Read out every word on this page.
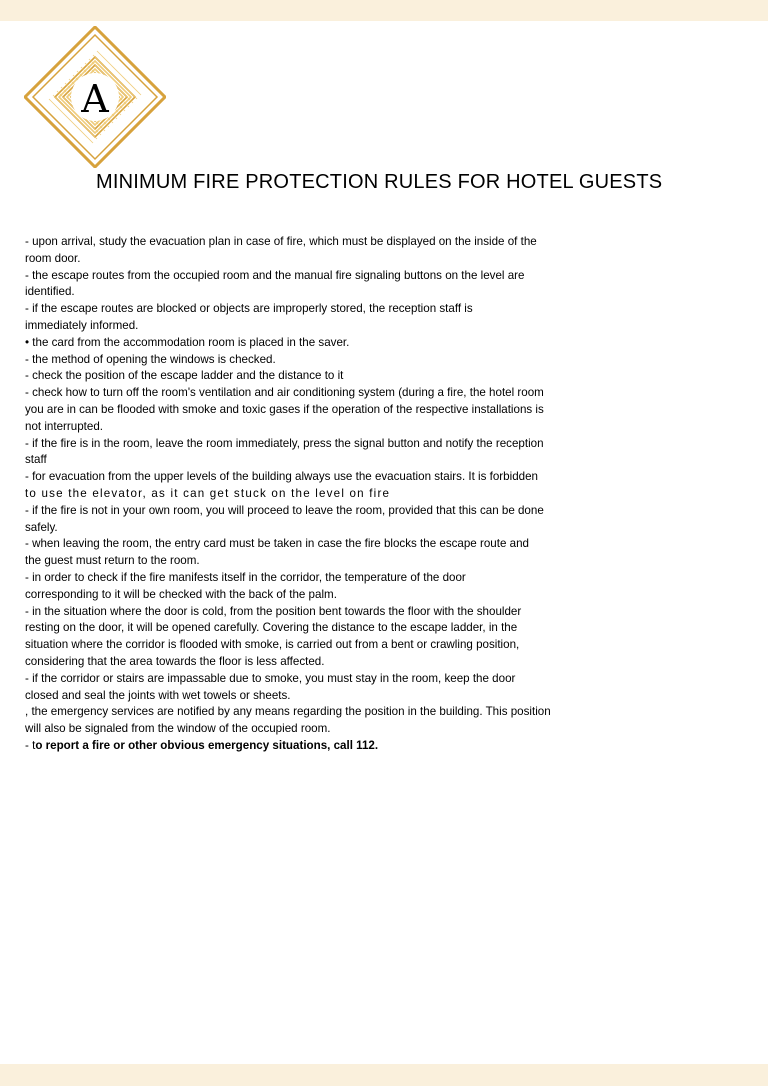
A
MINIMUM FIRE PROTECTION RULES FOR HOTEL GUESTS
- upon arrival, study the evacuation plan in case of fire, which must be displayed on the inside of the
room door.
- the escape routes from the occupied room and the manual fire signaling buttons on the level are
identified.
- if the escape routes are blocked or objects are improperly stored, the reception staff is
immediately informed.
• the card from the accommodation room is placed in the saver.
- the method of opening the windows is checked.
- check the position of the escape ladder and the distance to it
- check how to turn off the room's ventilation and air conditioning system (during a fire, the hotel room
you are in can be flooded with smoke and toxic gases if the operation of the respective installations is
not interrupted.
- if the fire is in the room, leave the room immediately, press the signal button and notify the reception
staff
- for evacuation from the upper levels of the building always use the evacuation stairs. It is forbidden
to use the elevator, as it can get stuck on the level on fire
- if the fire is not in your own room, you will proceed to leave the room, provided that this can be done
safely.
- when leaving the room, the entry card must be taken in case the fire blocks the escape route and
the guest must return to the room.
- in order to check if the fire manifests itself in the corridor, the temperature of the door
corresponding to it will be checked with the back of the palm.
- in the situation where the door is cold, from the position bent towards the floor with the shoulder
resting on the door, it will be opened carefully. Covering the distance to the escape ladder, in the
situation where the corridor is flooded with smoke, is carried out from a bent or crawling position,
considering that the area towards the floor is less affected.
- if the corridor or stairs are impassable due to smoke, you must stay in the room, keep the door
closed and seal the joints with wet towels or sheets.
, the emergency services are notified by any means regarding the position in the building. This position
will also be signaled from the window of the occupied room.
- to report a fire or other obvious emergency situations, call 112.
